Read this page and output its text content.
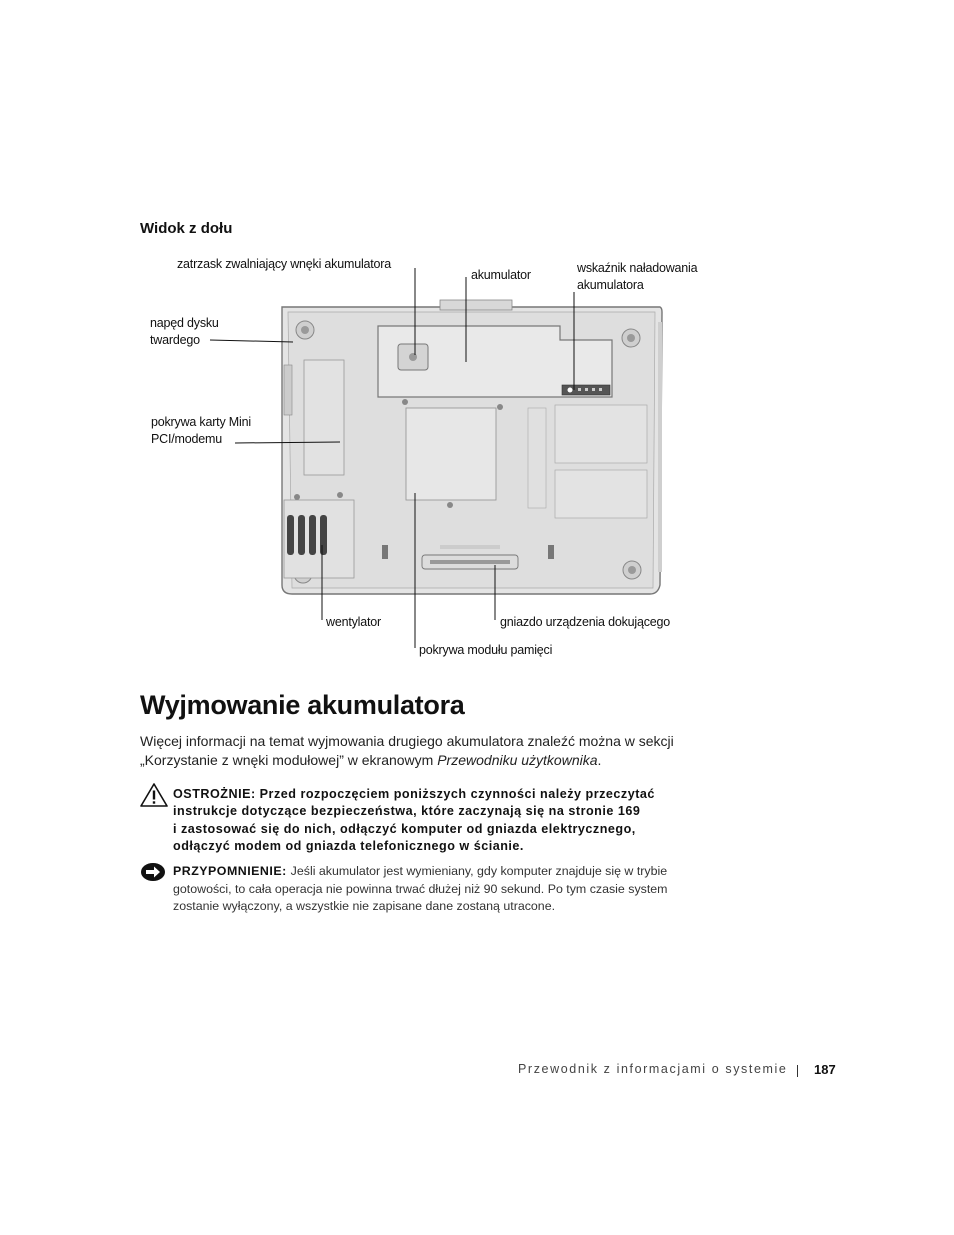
Widok z dołu
zatrzask zwalniający wnęki akumulatora
akumulator	wskaźnik naładowania
akumulatora
napęd dysku
twardego
pokrywa karty Mini
PCI/modemu
wentylator	gniazdo urządzenia dokującego
pokrywa modułu pamięci
Wyjmowanie akumulatora
Więcej informacji na temat wyjmowania drugiego akumulatora znaleźć można w sekcji
„Korzystanie z wnęki modułowej” w ekranowym Przewodniku użytkownika.
OSTROŻNIE: Przed rozpoczęciem poniższych czynności należy przeczytać
instrukcje dotyczące bezpieczeństwa, które zaczynają się na stronie 169
i zastosować się do nich, odłączyć komputer od gniazda elektrycznego,
odłączyć modem od gniazda telefonicznego w ścianie.
PRZYPOMNIENIE: Jeśli akumulator jest wymieniany, gdy komputer znajduje się w trybie
gotowości, to cała operacja nie powinna trwać dłużej niż 90 sekund. Po tym czasie system
zostanie wyłączony, a wszystkie nie zapisane dane zostaną utracone.
Przewodnik z informacjami o systemie 187
